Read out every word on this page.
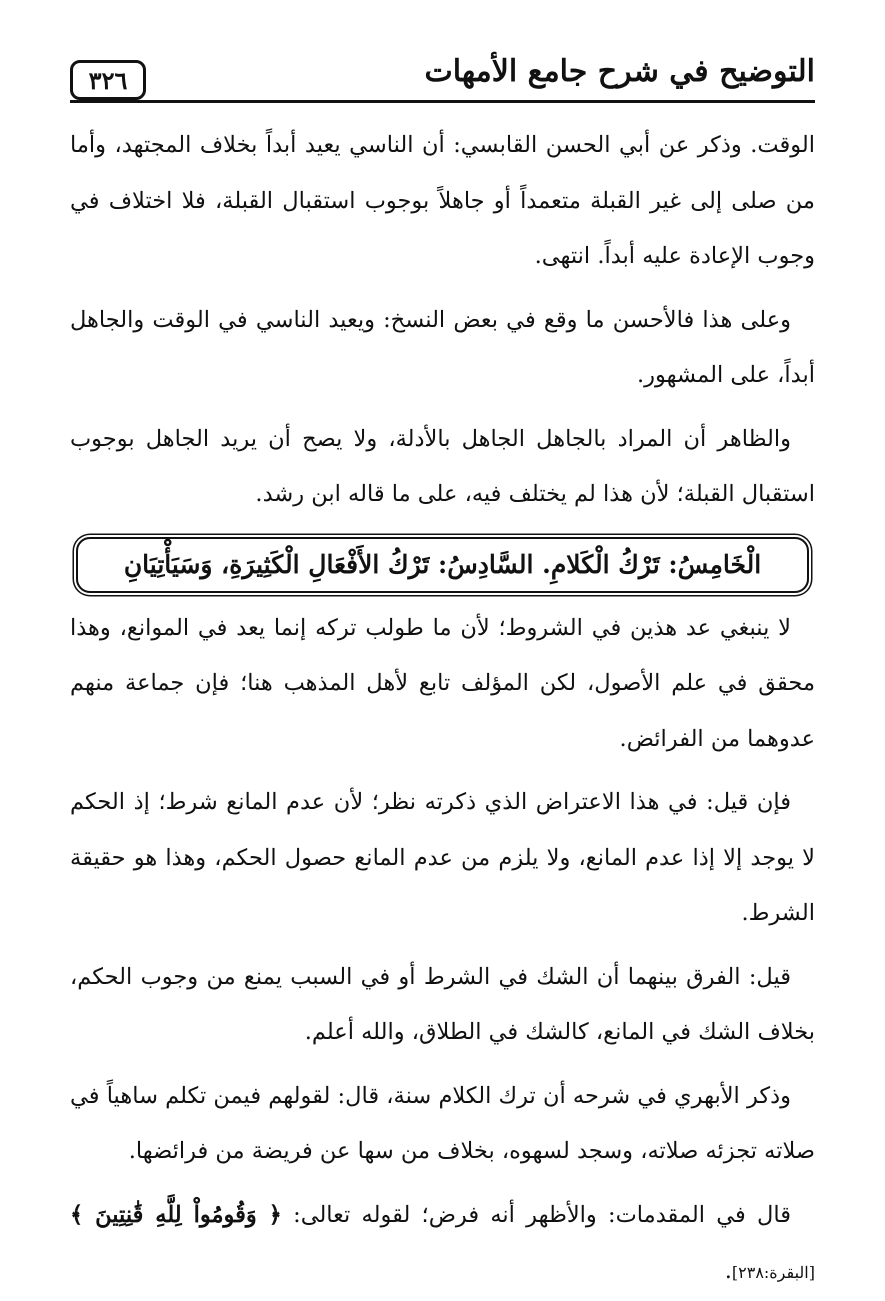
٣٢٦	التوضيح في شرح جامع الأمهات

الوقت. وذكر عن أبي الحسن القابسي: أن الناسي يعيد أبداً بخلاف المجتهد، وأما من صلى إلى غير القبلة متعمداً أو جاهلاً بوجوب استقبال القبلة، فلا اختلاف في وجوب الإعادة عليه أبداً. انتهى.

وعلى هذا فالأحسن ما وقع في بعض النسخ: ويعيد الناسي في الوقت والجاهل أبداً، على المشهور.

والظاهر أن المراد بالجاهل الجاهل بالأدلة، ولا يصح أن يريد الجاهل بوجوب استقبال القبلة؛ لأن هذا لم يختلف فيه، على ما قاله ابن رشد.

الْخَامِسُ: تَرْكُ الْكَلامِ. السَّادِسُ: تَرْكُ الأَفْعَالِ الْكَثِيرَةِ، وَسَيَأْتِيَانِ

لا ينبغي عد هذين في الشروط؛ لأن ما طولب تركه إنما يعد في الموانع، وهذا محقق في علم الأصول، لكن المؤلف تابع لأهل المذهب هنا؛ فإن جماعة منهم عدوهما من الفرائض.

فإن قيل: في هذا الاعتراض الذي ذكرته نظر؛ لأن عدم المانع شرط؛ إذ الحكم لا يوجد إلا إذا عدم المانع، ولا يلزم من عدم المانع حصول الحكم، وهذا هو حقيقة الشرط.

قيل: الفرق بينهما أن الشك في الشرط أو في السبب يمنع من وجوب الحكم، بخلاف الشك في المانع، كالشك في الطلاق، والله أعلم.

وذكر الأبهري في شرحه أن ترك الكلام سنة، قال: لقولهم فيمن تكلم ساهياً في صلاته تجزئه صلاته، وسجد لسهوه، بخلاف من سها عن فريضة من فرائضها.

قال في المقدمات: والأظهر أنه فرض؛ لقوله تعالى: ﴿ وَقُومُواْ لِلَّهِ قَٰنِتِينَ ﴾ [البقرة:٢٣٨].
